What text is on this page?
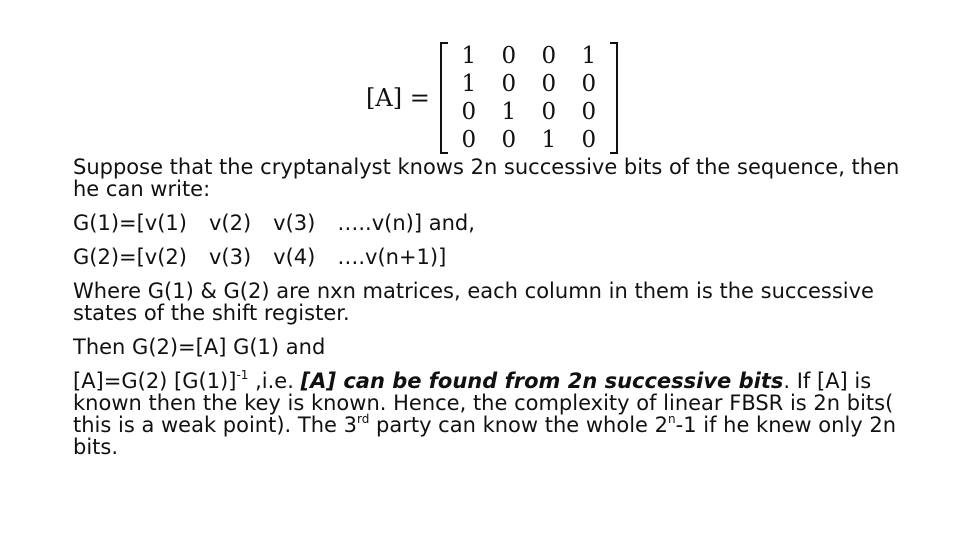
[A] =
1	0	0	1
1	0	0	0
0	1	0	0
0	0	1	0

Suppose that the cryptanalyst knows 2n successive bits of the sequence, then he can write:

G(1)=[v(1) v(2) v(3) …..v(n)] and,

G(2)=[v(2) v(3) v(4) ….v(n+1)]

Where G(1) & G(2) are nxn matrices, each column in them is the successive states of the shift register.

Then G(2)=[A] G(1) and

[A]=G(2) $[G(1)]^{-1}$ ,i.e. [A] can be found from 2n successive bits. If [A] is known then the key is known. Hence, the complexity of linear FBSR is 2n bits( this is a weak point). The 3rd party can know the whole 2$^n$-1 if he knew only 2n bits.
